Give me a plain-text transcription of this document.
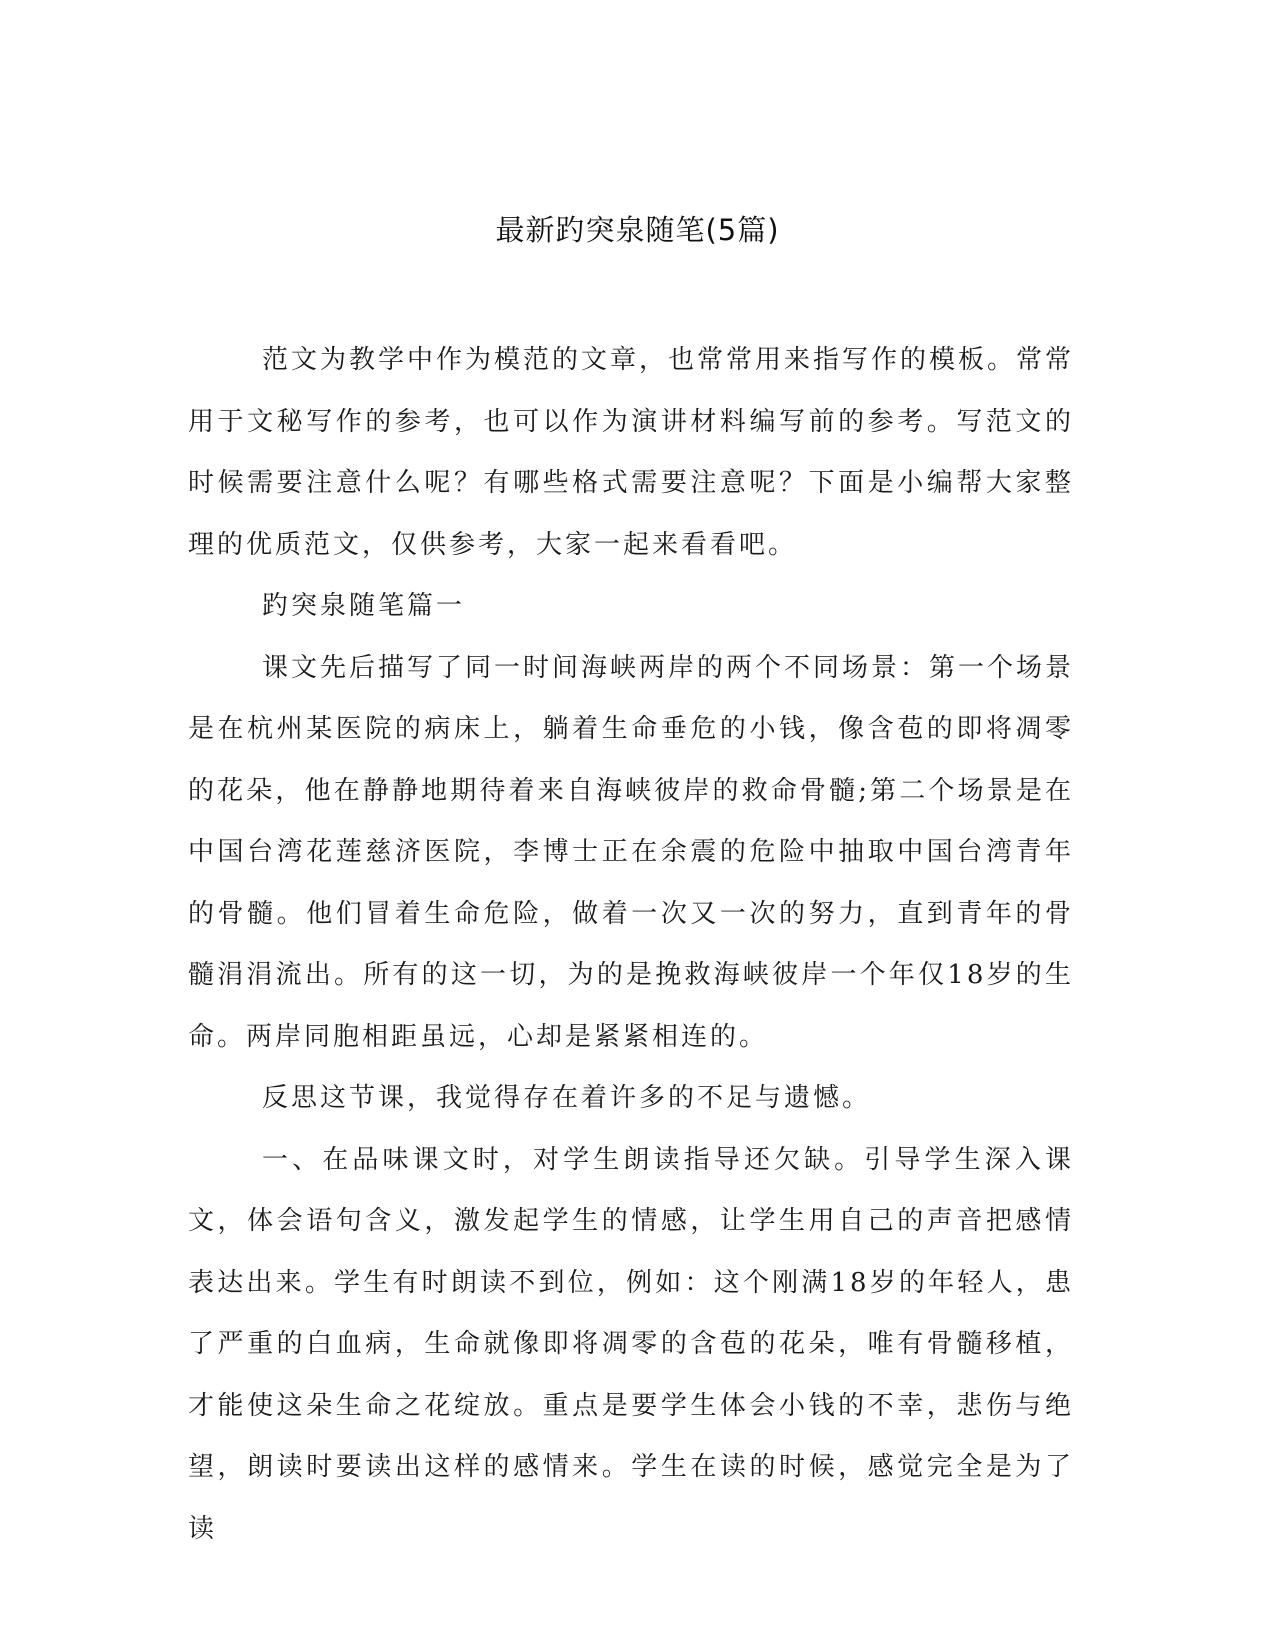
最新趵突泉随笔(5篇)

范文为教学中作为模范的文章，也常常用来指写作的模板。常常用于文秘写作的参考，也可以作为演讲材料编写前的参考。写范文的时候需要注意什么呢？有哪些格式需要注意呢？下面是小编帮大家整理的优质范文，仅供参考，大家一起来看看吧。

趵突泉随笔篇一

课文先后描写了同一时间海峡两岸的两个不同场景：第一个场景是在杭州某医院的病床上，躺着生命垂危的小钱，像含苞的即将凋零的花朵，他在静静地期待着来自海峡彼岸的救命骨髓;第二个场景是在中国台湾花莲慈济医院，李博士正在余震的危险中抽取中国台湾青年的骨髓。他们冒着生命危险，做着一次又一次的努力，直到青年的骨髓涓涓流出。所有的这一切，为的是挽救海峡彼岸一个年仅18岁的生命。两岸同胞相距虽远，心却是紧紧相连的。

反思这节课，我觉得存在着许多的不足与遗憾。

一、在品味课文时，对学生朗读指导还欠缺。引导学生深入课文，体会语句含义，激发起学生的情感，让学生用自己的声音把感情表达出来。学生有时朗读不到位，例如：这个刚满18岁的年轻人，患了严重的白血病，生命就像即将凋零的含苞的花朵，唯有骨髓移植，才能使这朵生命之花绽放。重点是要学生体会小钱的不幸，悲伤与绝望，朗读时要读出这样的感情来。学生在读的时候，感觉完全是为了读
